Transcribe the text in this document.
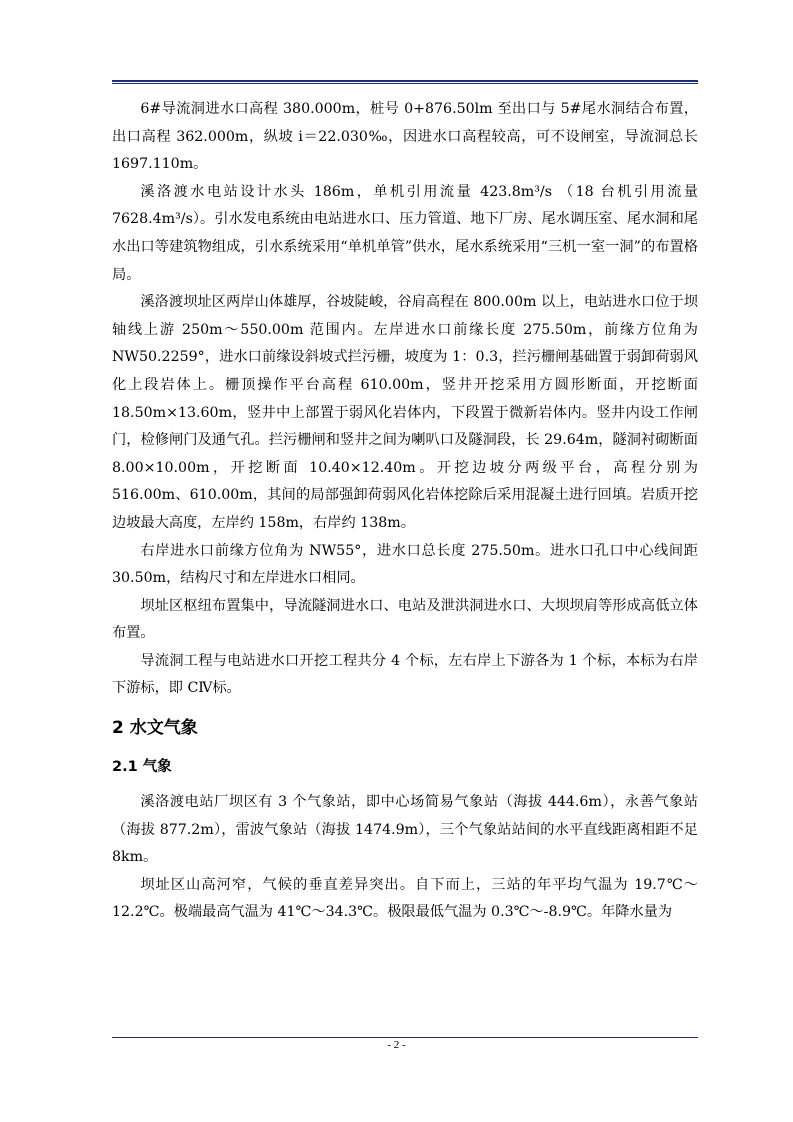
6#导流洞进水口高程 380.000m，桩号 0+876.50lm 至出口与 5#尾水洞结合布置，出口高程 362.000m，纵坡 i＝22.030‰，因进水口高程较高，可不设闸室，导流洞总长 1697.110m。

溪洛渡水电站设计水头 186m，单机引用流量 423.8m³/s （18 台机引用流量 7628.4m³/s）。引水发电系统由电站进水口、压力管道、地下厂房、尾水调压室、尾水洞和尾水出口等建筑物组成，引水系统采用“单机单管”供水，尾水系统采用“三机一室一洞”的布置格局。

溪洛渡坝址区两岸山体雄厚，谷坡陡峻，谷肩高程在 800.00m 以上，电站进水口位于坝轴线上游 250m～550.00m 范围内。左岸进水口前缘长度 275.50m，前缘方位角为 NW50.2259°，进水口前缘设斜坡式拦污栅，坡度为 1：0.3，拦污栅闸基础置于弱卸荷弱风化上段岩体上。栅顶操作平台高程 610.00m，竖井开挖采用方圆形断面，开挖断面 18.50m×13.60m，竖井中上部置于弱风化岩体内，下段置于微新岩体内。竖井内设工作闸门，检修闸门及通气孔。拦污栅闸和竖井之间为喇叭口及隧洞段，长 29.64m，隧洞衬砌断面 8.00×10.00m，开挖断面 10.40×12.40m。开挖边坡分两级平台，高程分别为 516.00m、610.00m，其间的局部强卸荷弱风化岩体挖除后采用混凝土进行回填。岩质开挖边坡最大高度，左岸约 158m，右岸约 138m。

右岸进水口前缘方位角为 NW55°，进水口总长度 275.50m。进水口孔口中心线间距 30.50m，结构尺寸和左岸进水口相同。

坝址区枢纽布置集中，导流隧洞进水口、电站及泄洪洞进水口、大坝坝肩等形成高低立体布置。

导流洞工程与电站进水口开挖工程共分 4 个标，左右岸上下游各为 1 个标，本标为右岸下游标，即 CⅣ标。

2 水文气象
2.1 气象

溪洛渡电站厂坝区有 3 个气象站，即中心场简易气象站（海拔 444.6m），永善气象站（海拔 877.2m），雷波气象站（海拔 1474.9m），三个气象站站间的水平直线距离相距不足 8km。

坝址区山高河窄，气候的垂直差异突出。自下而上，三站的年平均气温为 19.7℃～12.2℃。极端最高气温为 41℃～34.3℃。极限最低气温为 0.3℃～-8.9℃。年降水量为

- 2 -
